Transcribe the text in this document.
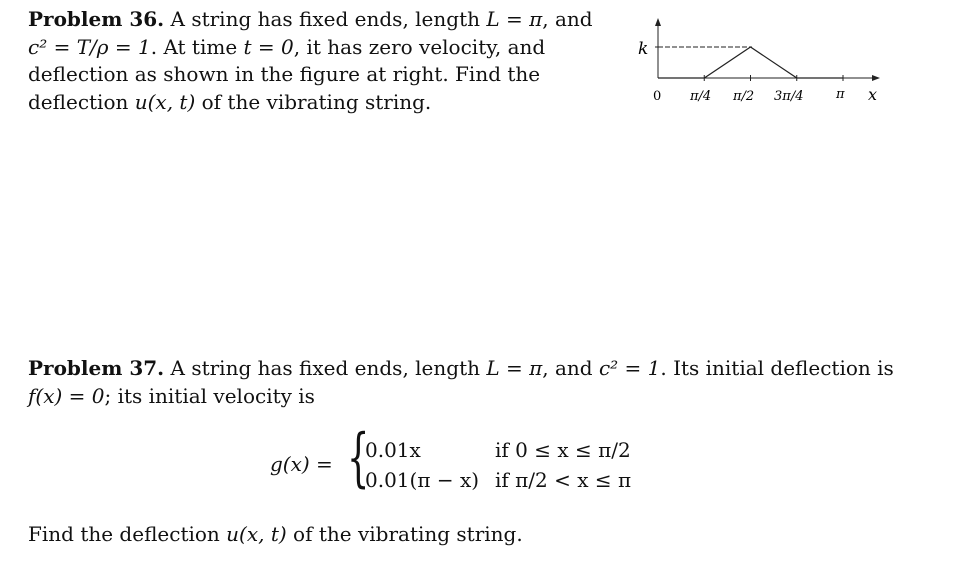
Problem 36. A string has fixed ends, length L = π, and c² = T/ρ = 1. At time t = 0, it has zero velocity, and deflection as shown in the figure at right. Find the deflection u(x, t) of the vibrating string.
k
0 π/4 π/2 3π/4	π x
Problem 37. A string has fixed ends, length L = π, and c² = 1. Its initial deflection is f(x) = 0; its initial velocity is
g(x) = {
0.01x	if 0 ≤ x ≤ π/2
0.01(π − x) if π/2 < x ≤ π
Find the deflection u(x, t) of the vibrating string.
